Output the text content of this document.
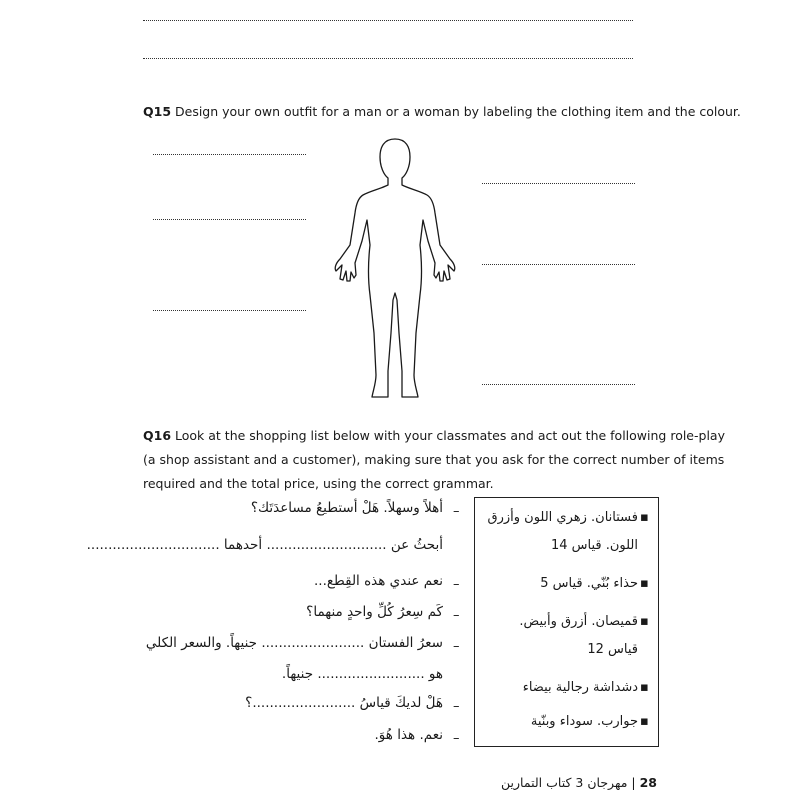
Q15 Design your own outfit for a man or a woman by labeling the clothing item and the colour.
Q16 Look at the shopping list below with your classmates and act out the following role-play
(a shop assistant and a customer), making sure that you ask for the correct number of items
required and the total price, using the correct grammar.
فستانان. زهري اللون وأزرق
اللون. قياس 14
حذاء بُنّي. قياس 5
قميصان. أزرق وأبيض.
قياس 12
دشداشة رجالية بيضاء
جوارب. سوداء وبنّية
▪
▪
▪
▪
▪
–
أهلاً وسهلاً. هَلْ أستطيعُ مساعدَتَك؟
أبحثُ عن ............................ أحدهما ...............................
–
نعم عندي هذه القِطع...
–
كَم سِعرُ كُلِّ واحدٍ منهما؟
–
سعرُ الفستان ........................ جنيهاً. والسعر الكلي
هو ......................... جنيهاً.
–
هَلْ لديكَ قياسُ ........................؟
–
نعم. هذا هُوَ.
28 | مهرجان 3 كتاب التمارين
